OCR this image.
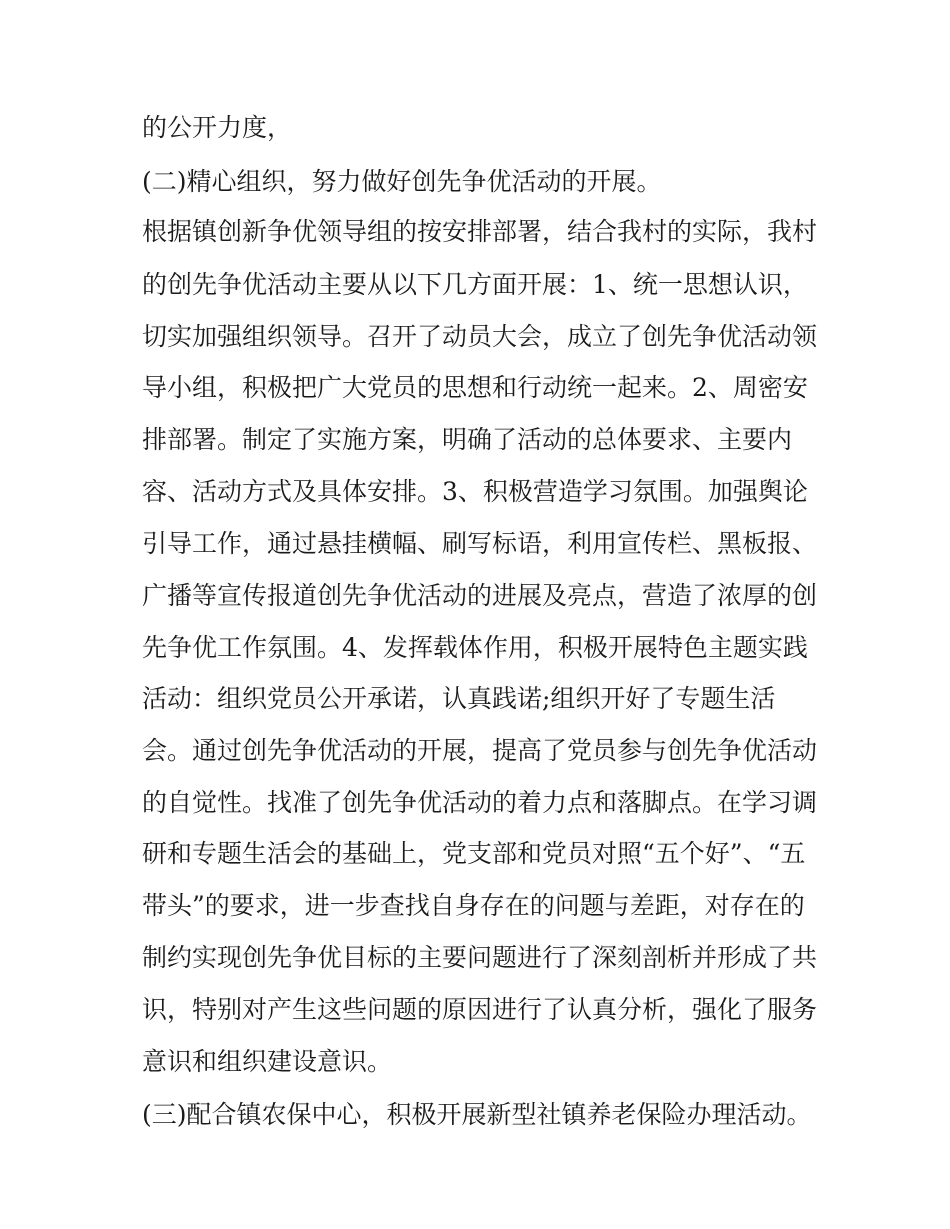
的公开力度，
(二)精心组织，努力做好创先争优活动的开展。
根据镇创新争优领导组的按安排部署，结合我村的实际，我村
的创先争优活动主要从以下几方面开展：1、统一思想认识，
切实加强组织领导。召开了动员大会，成立了创先争优活动领
导小组，积极把广大党员的思想和行动统一起来。2、周密安
排部署。制定了实施方案，明确了活动的总体要求、主要内
容、活动方式及具体安排。3、积极营造学习氛围。加强舆论
引导工作，通过悬挂横幅、刷写标语，利用宣传栏、黑板报、
广播等宣传报道创先争优活动的进展及亮点，营造了浓厚的创
先争优工作氛围。4、发挥载体作用，积极开展特色主题实践
活动：组织党员公开承诺，认真践诺;组织开好了专题生活
会。通过创先争优活动的开展，提高了党员参与创先争优活动
的自觉性。找准了创先争优活动的着力点和落脚点。在学习调
研和专题生活会的基础上，党支部和党员对照“五个好”、“五
带头”的要求，进一步查找自身存在的问题与差距，对存在的
制约实现创先争优目标的主要问题进行了深刻剖析并形成了共
识，特别对产生这些问题的原因进行了认真分析，强化了服务
意识和组织建设意识。
(三)配合镇农保中心，积极开展新型社镇养老保险办理活动。
